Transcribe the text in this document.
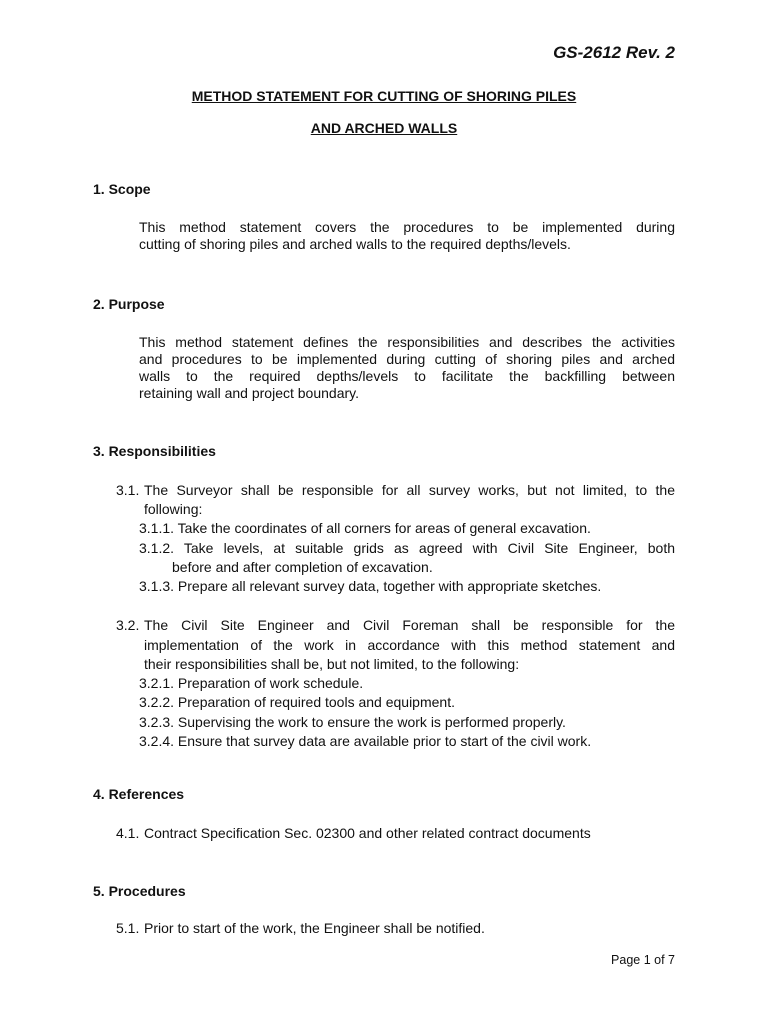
GS-2612 Rev. 2
METHOD STATEMENT FOR CUTTING OF SHORING PILES
AND ARCHED WALLS
1. Scope
This method statement covers the procedures to be implemented during
cutting of shoring piles and arched walls to the required depths/levels.
2. Purpose
This method statement defines the responsibilities and describes the activities
and procedures to be implemented during cutting of shoring piles and arched
walls to the required depths/levels to facilitate the backfilling between
retaining wall and project boundary.
3. Responsibilities
3.1. The Surveyor shall be responsible for all survey works, but not limited, to the
following:
3.1.1. Take the coordinates of all corners for areas of general excavation.
3.1.2. Take levels, at suitable grids as agreed with Civil Site Engineer, both
before and after completion of excavation.
3.1.3. Prepare all relevant survey data, together with appropriate sketches.
3.2. The Civil Site Engineer and Civil Foreman shall be responsible for the
implementation of the work in accordance with this method statement and
their responsibilities shall be, but not limited, to the following:
3.2.1. Preparation of work schedule.
3.2.2. Preparation of required tools and equipment.
3.2.3. Supervising the work to ensure the work is performed properly.
3.2.4. Ensure that survey data are available prior to start of the civil work.
4. References
4.1. Contract Specification Sec. 02300 and other related contract documents
5. Procedures
5.1. Prior to start of the work, the Engineer shall be notified.
Page 1 of 7
